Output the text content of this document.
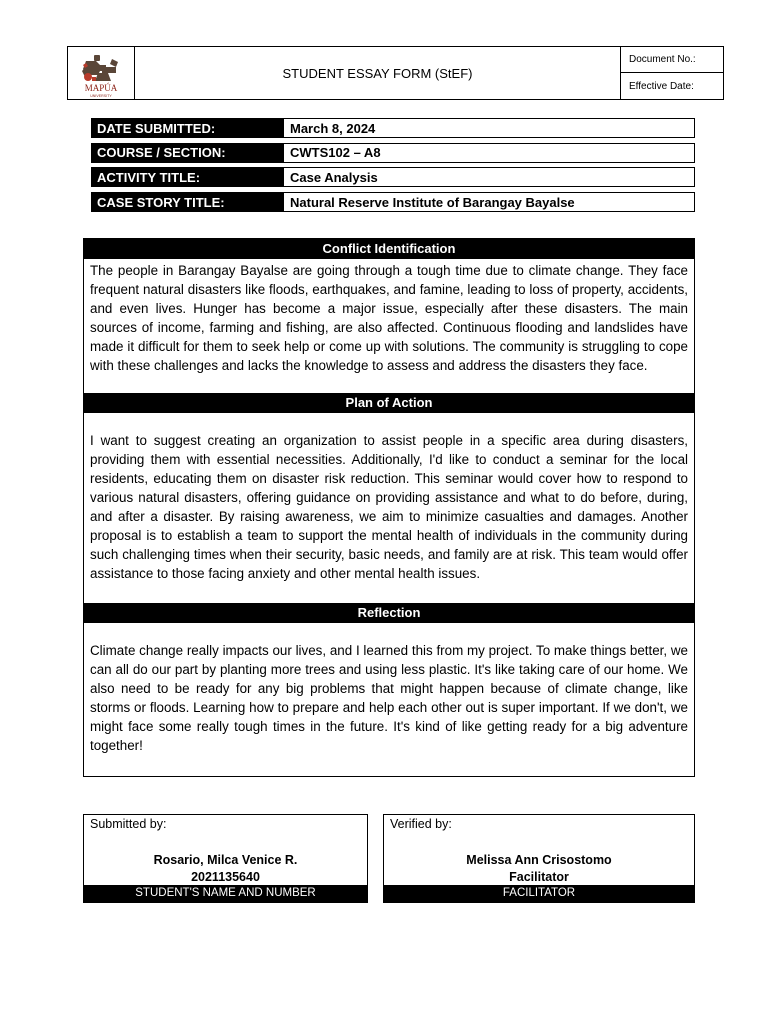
MAPÚA
UNIVERSITY
STUDENT ESSAY FORM (StEF)
Document No.:
Effective Date:
DATE SUBMITTED:	March 8, 2024
COURSE / SECTION:	CWTS102 – A8
ACTIVITY TITLE:	Case Analysis
CASE STORY TITLE:	Natural Reserve Institute of Barangay Bayalse
Conflict Identification
The people in Barangay Bayalse are going through a tough time due to climate change. They face frequent natural disasters like floods, earthquakes, and famine, leading to loss of property, accidents, and even lives. Hunger has become a major issue, especially after these disasters. The main sources of income, farming and fishing, are also affected. Continuous flooding and landslides have made it difficult for them to seek help or come up with solutions. The community is struggling to cope with these challenges and lacks the knowledge to assess and address the disasters they face.
Plan of Action
I want to suggest creating an organization to assist people in a specific area during disasters, providing them with essential necessities. Additionally, I'd like to conduct a seminar for the local residents, educating them on disaster risk reduction. This seminar would cover how to respond to various natural disasters, offering guidance on providing assistance and what to do before, during, and after a disaster. By raising awareness, we aim to minimize casualties and damages. Another proposal is to establish a team to support the mental health of individuals in the community during such challenging times when their security, basic needs, and family are at risk. This team would offer assistance to those facing anxiety and other mental health issues.
Reflection
Climate change really impacts our lives, and I learned this from my project. To make things better, we can all do our part by planting more trees and using less plastic. It's like taking care of our home. We also need to be ready for any big problems that might happen because of climate change, like storms or floods. Learning how to prepare and help each other out is super important. If we don't, we might face some really tough times in the future. It's kind of like getting ready for a big adventure together!
Submitted by:
Rosario, Milca Venice R.
2021135640
STUDENT'S NAME AND NUMBER
Verified by:
Melissa Ann Crisostomo
Facilitator
FACILITATOR
